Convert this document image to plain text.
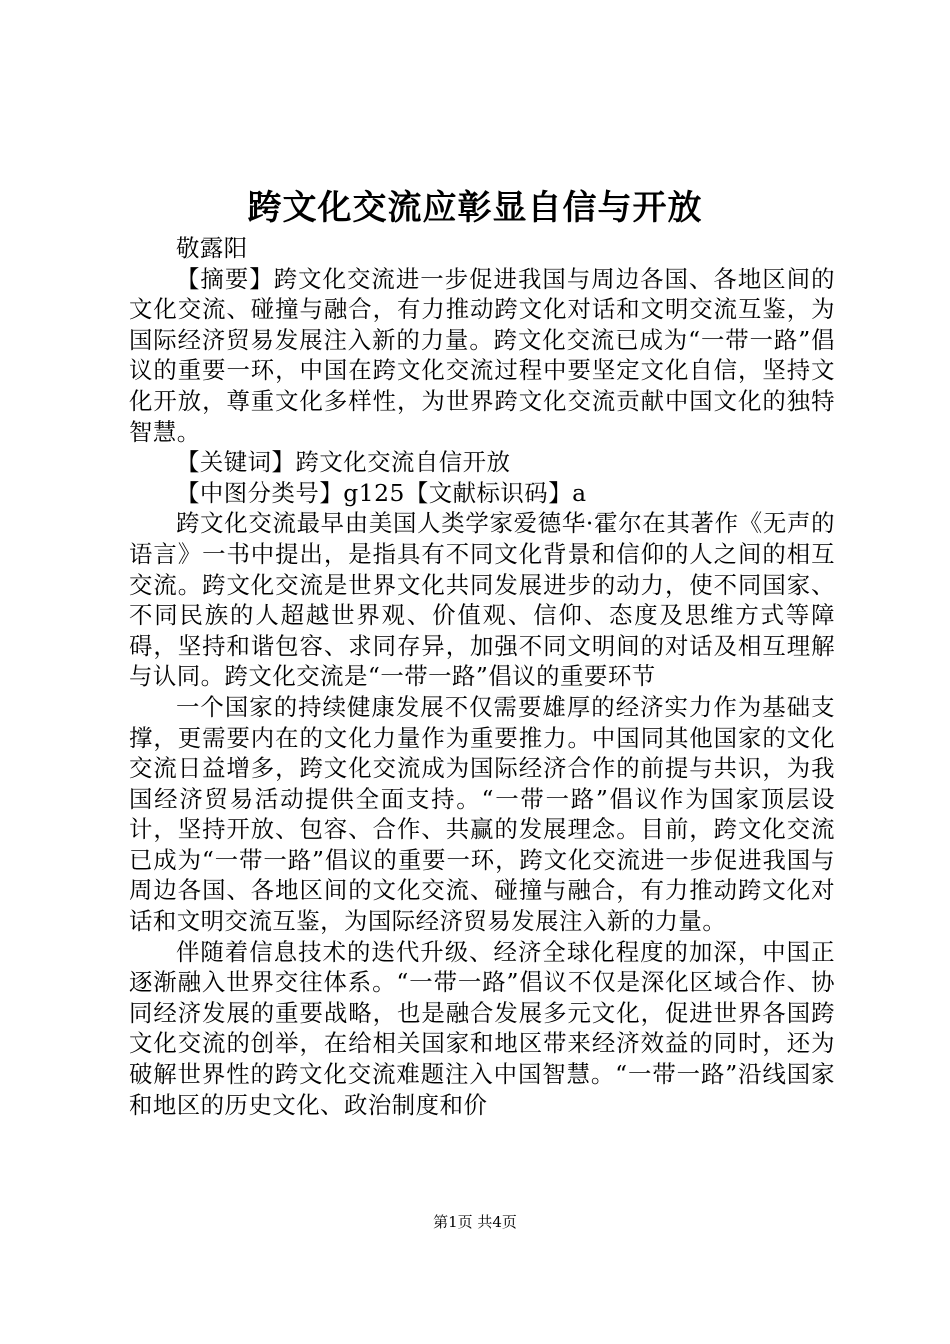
跨文化交流应彰显自信与开放

敬露阳

【摘要】跨文化交流进一步促进我国与周边各国、各地区间的文化交流、碰撞与融合，有力推动跨文化对话和文明交流互鉴，为国际经济贸易发展注入新的力量。跨文化交流已成为“一带一路”倡议的重要一环，中国在跨文化交流过程中要坚定文化自信，坚持文化开放，尊重文化多样性，为世界跨文化交流贡献中国文化的独特智慧。

【关键词】跨文化交流自信开放

【中图分类号】g125【文献标识码】a

跨文化交流最早由美国人类学家爱德华·霍尔在其著作《无声的语言》一书中提出，是指具有不同文化背景和信仰的人之间的相互交流。跨文化交流是世界文化共同发展进步的动力，使不同国家、不同民族的人超越世界观、价值观、信仰、态度及思维方式等障碍，坚持和谐包容、求同存异，加强不同文明间的对话及相互理解与认同。跨文化交流是“一带一路”倡议的重要环节

一个国家的持续健康发展不仅需要雄厚的经济实力作为基础支撑，更需要内在的文化力量作为重要推力。中国同其他国家的文化交流日益增多，跨文化交流成为国际经济合作的前提与共识，为我国经济贸易活动提供全面支持。“一带一路”倡议作为国家顶层设计，坚持开放、包容、合作、共赢的发展理念。目前，跨文化交流已成为“一带一路”倡议的重要一环，跨文化交流进一步促进我国与周边各国、各地区间的文化交流、碰撞与融合，有力推动跨文化对话和文明交流互鉴，为国际经济贸易发展注入新的力量。

伴随着信息技术的迭代升级、经济全球化程度的加深，中国正逐渐融入世界交往体系。“一带一路”倡议不仅是深化区域合作、协同经济发展的重要战略，也是融合发展多元文化，促进世界各国跨文化交流的创举，在给相关国家和地区带来经济效益的同时，还为破解世界性的跨文化交流难题注入中国智慧。“一带一路”沿线国家和地区的历史文化、政治制度和价

第1页 共4页
